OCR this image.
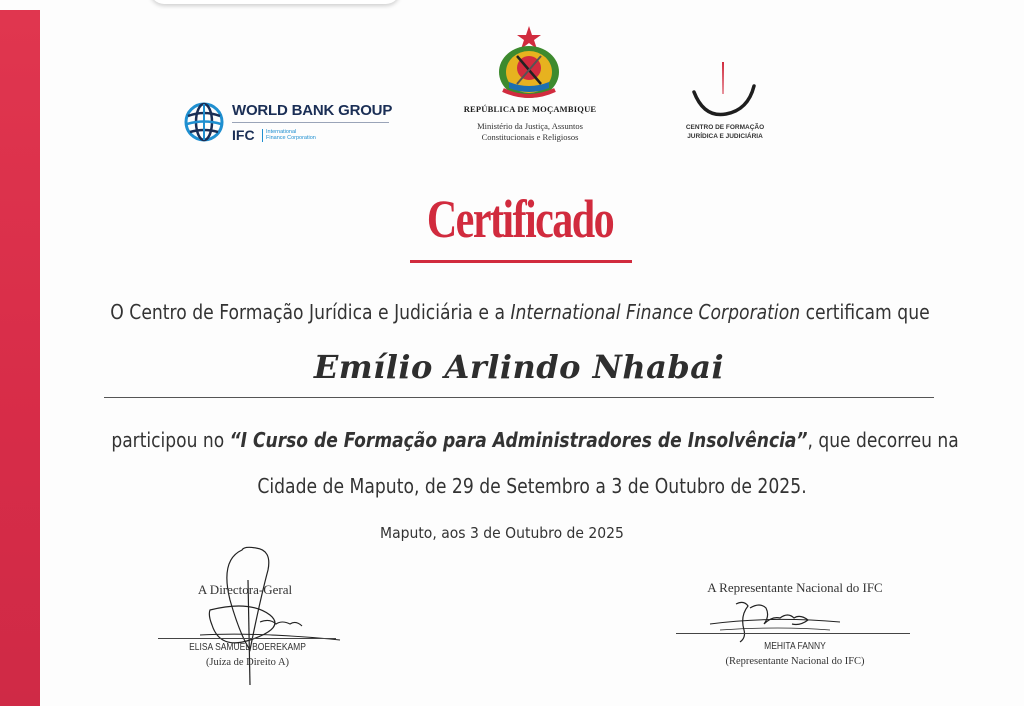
WORLD BANK GROUP
IFC International
Finance Corporation
REPÚBLICA DE MOÇAMBIQUE
Ministério da Justiça, Assuntos
Constitucionais e Religiosos
CENTRO DE FORMAÇÃO
JURÍDICA E JUDICIÁRIA
Certificado
O Centro de Formação Jurídica e Judiciária e a International Finance Corporation certificam que
Emílio Arlindo Nhabai
participou no “I Curso de Formação para Administradores de Insolvência”, que decorreu na
Cidade de Maputo, de 29 de Setembro a 3 de Outubro de 2025.
Maputo, aos 3 de Outubro de 2025
A Directora-Geral
ELISA SAMUEL BOEREKAMP
(Juíza de Direito A)
A Representante Nacional do IFC
MEHITA FANNY
(Representante Nacional do IFC)
